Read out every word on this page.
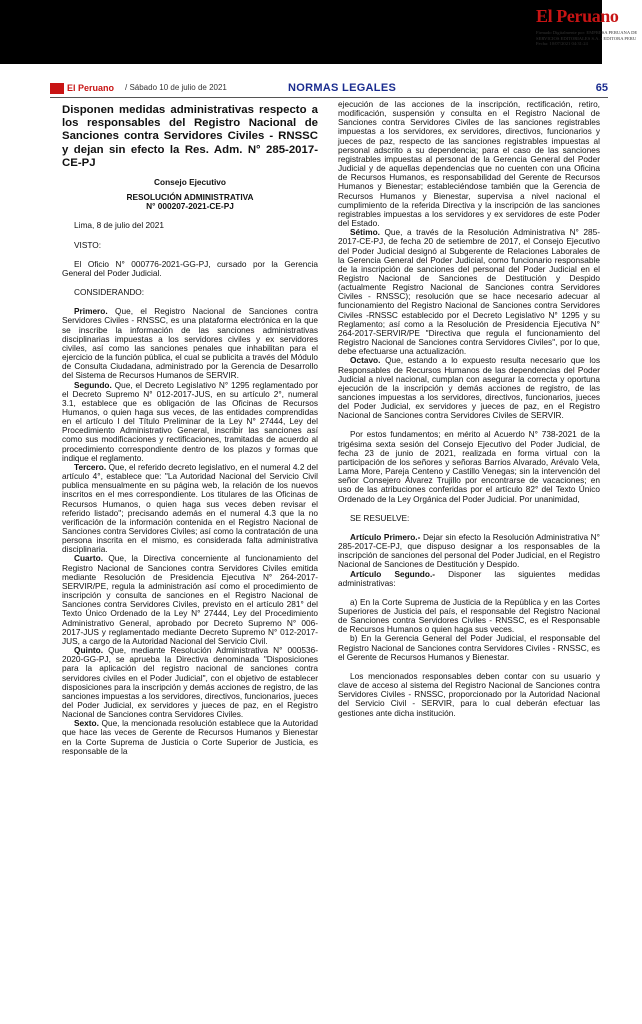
El Peruano
Firmado Digitalmente por: EMPRESA PERUANA DE SERVICIOS EDITORIALES S.A. - EDITORA PERU Fecha: 10/07/2021 04:31:24
El Peruano / Sábado 10 de julio de 2021	NORMAS LEGALES	65
Disponen medidas administrativas respecto a los responsables del Registro Nacional de Sanciones contra Servidores Civiles - RNSSC y dejan sin efecto la Res. Adm. N° 285-2017-CE-PJ

Consejo Ejecutivo

RESOLUCIÓN ADMINISTRATIVA

N° 000207-2021-CE-PJ

Lima, 8 de julio del 2021

VISTO:

El Oficio N° 000776-2021-GG-PJ, cursado por la Gerencia General del Poder Judicial.

CONSIDERANDO:

Primero. Que, el Registro Nacional de Sanciones contra Servidores Civiles - RNSSC, es una plataforma electrónica en la que se inscribe la información de las sanciones administrativas disciplinarias impuestas a los servidores civiles y ex servidores civiles, así como las sanciones penales que inhabilitan para el ejercicio de la función pública, el cual se publicita a través del Módulo de Consulta Ciudadana, administrado por la Gerencia de Desarrollo del Sistema de Recursos Humanos de SERVIR.

Segundo. Que, el Decreto Legislativo N° 1295 reglamentado por el Decreto Supremo N° 012-2017-JUS, en su artículo 2°, numeral 3.1, establece que es obligación de las Oficinas de Recursos Humanos, o quien haga sus veces, de las entidades comprendidas en el artículo I del Título Preliminar de la Ley N° 27444, Ley del Procedimiento Administrativo General, inscribir las sanciones así como sus modificaciones y rectificaciones, tramitadas de acuerdo al procedimiento correspondiente dentro de los plazos y formas que indique el reglamento.

Tercero. Que, el referido decreto legislativo, en el numeral 4.2 del artículo 4°, establece que: "La Autoridad Nacional del Servicio Civil publica mensualmente en su página web, la relación de los nuevos inscritos en el mes correspondiente. Los titulares de las Oficinas de Recursos Humanos, o quien haga sus veces deben revisar el referido listado"; precisando además en el numeral 4.3 que la no verificación de la información contenida en el Registro Nacional de Sanciones contra Servidores Civiles; así como la contratación de una persona inscrita en el mismo, es considerada falta administrativa disciplinaria.

Cuarto. Que, la Directiva concerniente al funcionamiento del Registro Nacional de Sanciones contra Servidores Civiles emitida mediante Resolución de Presidencia Ejecutiva N° 264-2017-SERVIR/PE, regula la administración así como el procedimiento de inscripción y consulta de sanciones en el Registro Nacional de Sanciones contra Servidores Civiles, previsto en el artículo 281° del Texto Único Ordenado de la Ley N° 27444, Ley del Procedimiento Administrativo General, aprobado por Decreto Supremo N° 006-2017-JUS y reglamentado mediante Decreto Supremo N° 012-2017-JUS, a cargo de la Autoridad Nacional del Servicio Civil.

Quinto. Que, mediante Resolución Administrativa N° 000536-2020-GG-PJ, se aprueba la Directiva denominada "Disposiciones para la aplicación del registro nacional de sanciones contra servidores civiles en el Poder Judicial", con el objetivo de establecer disposiciones para la inscripción y demás acciones de registro, de las sanciones impuestas a los servidores, directivos, funcionarios, jueces del Poder Judicial, ex servidores y jueces de paz, en el Registro Nacional de Sanciones contra Servidores Civiles.

Sexto. Que, la mencionada resolución establece que la Autoridad que hace las veces de Gerente de Recursos Humanos y Bienestar en la Corte Suprema de Justicia o Corte Superior de Justicia, es responsable de la

ejecución de las acciones de la inscripción, rectificación, retiro, modificación, suspensión y consulta en el Registro Nacional de Sanciones contra Servidores Civiles de las sanciones registrables impuestas a los servidores, ex servidores, directivos, funcionarios y jueces de paz, respecto de las sanciones registrables impuestas al personal adscrito a su dependencia; para el caso de las sanciones registrables impuestas al personal de la Gerencia General del Poder Judicial y de aquellas dependencias que no cuenten con una Oficina de Recursos Humanos, es responsabilidad del Gerente de Recursos Humanos y Bienestar; estableciéndose también que la Gerencia de Recursos Humanos y Bienestar, supervisa a nivel nacional el cumplimiento de la referida Directiva y la inscripción de las sanciones registrables impuestas a los servidores y ex servidores de este Poder del Estado.

Sétimo. Que, a través de la Resolución Administrativa N° 285-2017-CE-PJ, de fecha 20 de setiembre de 2017, el Consejo Ejecutivo del Poder Judicial designó al Subgerente de Relaciones Laborales de la Gerencia General del Poder Judicial, como funcionario responsable de la inscripción de sanciones del personal del Poder Judicial en el Registro Nacional de Sanciones de Destitución y Despido (actualmente Registro Nacional de Sanciones contra Servidores Civiles - RNSSC); resolución que se hace necesario adecuar al funcionamiento del Registro Nacional de Sanciones contra Servidores Civiles -RNSSC establecido por el Decreto Legislativo N° 1295 y su Reglamento; así como a la Resolución de Presidencia Ejecutiva N° 264-2017-SERVIR/PE "Directiva que regula el funcionamiento del Registro Nacional de Sanciones contra Servidores Civiles", por lo que, debe efectuarse una actualización.

Octavo. Que, estando a lo expuesto resulta necesario que los Responsables de Recursos Humanos de las dependencias del Poder Judicial a nivel nacional, cumplan con asegurar la correcta y oportuna ejecución de la inscripción y demás acciones de registro, de las sanciones impuestas a los servidores, directivos, funcionarios, jueces del Poder Judicial, ex servidores y jueces de paz, en el Registro Nacional de Sanciones contra Servidores Civiles de SERVIR.

Por estos fundamentos; en mérito al Acuerdo N° 738-2021 de la trigésima sexta sesión del Consejo Ejecutivo del Poder Judicial, de fecha 23 de junio de 2021, realizada en forma virtual con la participación de los señores y señoras Barrios Alvarado, Arévalo Vela, Lama More, Pareja Centeno y Castillo Venegas; sin la intervención del señor Consejero Álvarez Trujillo por encontrarse de vacaciones; en uso de las atribuciones conferidas por el artículo 82° del Texto Único Ordenado de la Ley Orgánica del Poder Judicial. Por unanimidad,

SE RESUELVE:

Artículo Primero.- Dejar sin efecto la Resolución Administrativa N° 285-2017-CE-PJ, que dispuso designar a los responsables de la inscripción de sanciones del personal del Poder Judicial, en el Registro Nacional de Sanciones de Destitución y Despido.

Artículo Segundo.- Disponer las siguientes medidas administrativas:

a) En la Corte Suprema de Justicia de la República y en las Cortes Superiores de Justicia del país, el responsable del Registro Nacional de Sanciones contra Servidores Civiles - RNSSC, es el Responsable de Recursos Humanos o quien haga sus veces.

b) En la Gerencia General del Poder Judicial, el responsable del Registro Nacional de Sanciones contra Servidores Civiles - RNSSC, es el Gerente de Recursos Humanos y Bienestar.

Los mencionados responsables deben contar con su usuario y clave de acceso al sistema del Registro Nacional de Sanciones contra Servidores Civiles - RNSSC, proporcionado por la Autoridad Nacional del Servicio Civil - SERVIR, para lo cual deberán efectuar las gestiones ante dicha institución.
